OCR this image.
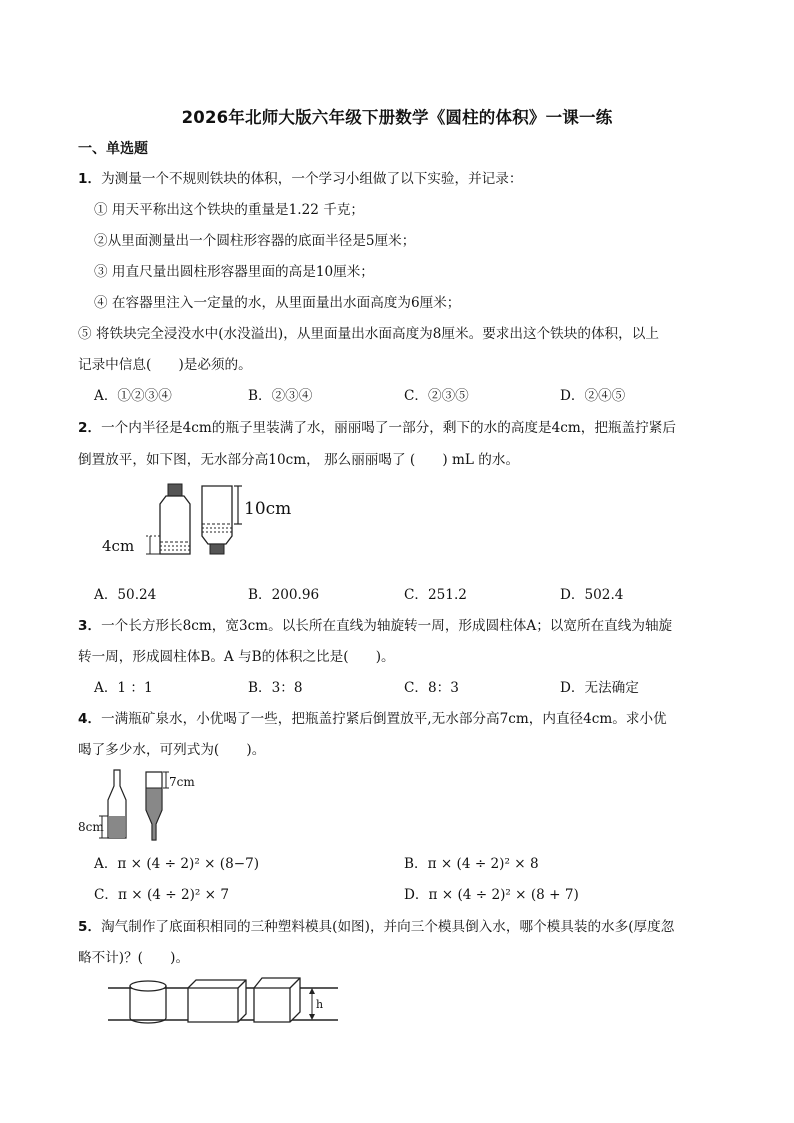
2026年北师大版六年级下册数学《圆柱的体积》一课一练
一、单选题
1．为测量一个不规则铁块的体积，一个学习小组做了以下实验，并记录：
① 用天平称出这个铁块的重量是1.22 千克；
②从里面测量出一个圆柱形容器的底面半径是5厘米；
③ 用直尺量出圆柱形容器里面的高是10厘米；
④ 在容器里注入一定量的水，从里面量出水面高度为6厘米；
⑤ 将铁块完全浸没水中(水没溢出)，从里面量出水面高度为8厘米。要求出这个铁块的体积，以上
记录中信息(　　)是必须的。
A．①②③④	B．②③④	C．②③⑤	D．②④⑤
2．一个内半径是4cm的瓶子里装满了水，丽丽喝了一部分，剩下的水的高度是4cm，把瓶盖拧紧后
倒置放平，如下图，无水部分高10cm， 那么丽丽喝了 (　　) mL 的水。
4cm
10cm
A．50.24	B．200.96	C．251.2	D．502.4
3．一个长方形长8cm，宽3cm。以长所在直线为轴旋转一周，形成圆柱体A；以宽所在直线为轴旋
转一周，形成圆柱体B。A 与B的体积之比是(　　)。
A．1 ：1	B．3：8	C．8：3	D．无法确定
4．一满瓶矿泉水，小优喝了一些，把瓶盖拧紧后倒置放平,无水部分高7cm，内直径4cm。求小优
喝了多少水，可列式为(　　)。
8cm
7cm
A．π × (4 ÷ 2)² × (8−7)	B．π × (4 ÷ 2)² × 8
C．π × (4 ÷ 2)² × 7	D．π × (4 ÷ 2)² × (8 + 7)
5．淘气制作了底面积相同的三种塑料模具(如图)，并向三个模具倒入水，哪个模具装的水多(厚度忽
略不计)？(　　)。
h
